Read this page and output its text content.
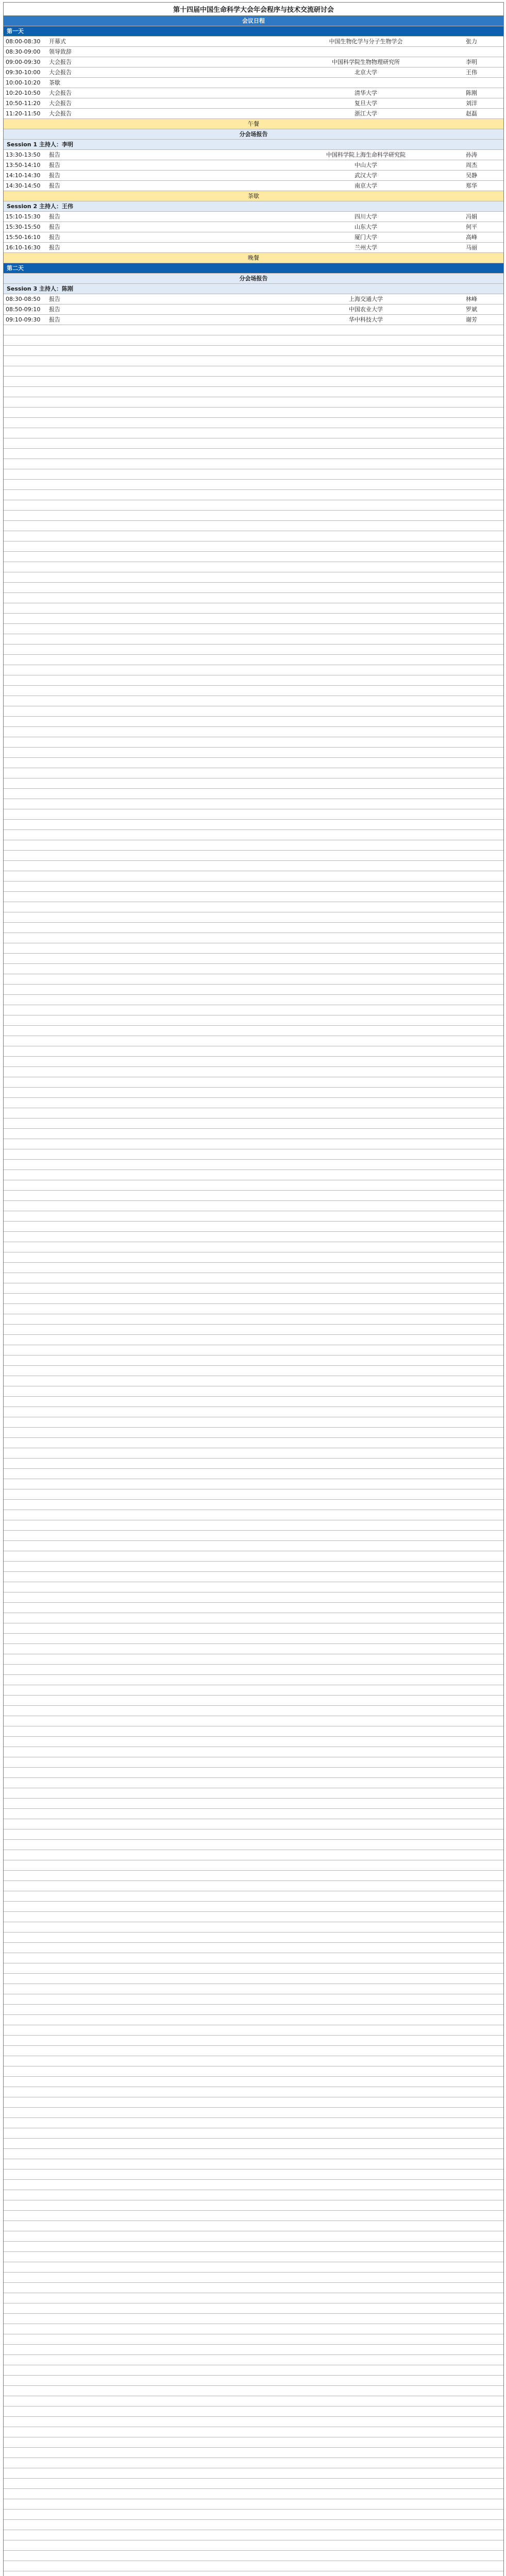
第十四届中国生命科学大会年会程序与技术交流研讨会
会议日程
第一天
08:00-08:30	开幕式	中国生物化学与分子生物学会	张力
08:30-09:00	领导致辞
09:00-09:30	大会报告	中国科学院生物物理研究所	李明
09:30-10:00	大会报告	北京大学	王伟
10:00-10:20	茶歇
10:20-10:50	大会报告	清华大学	陈刚
10:50-11:20	大会报告	复旦大学	刘洋
11:20-11:50	大会报告	浙江大学	赵磊
午餐
分会场报告
Session 1 主持人：李明
13:30-13:50	报告	中国科学院上海生命科学研究院	孙涛
13:50-14:10	报告	中山大学	周杰
14:10-14:30	报告	武汉大学	吴静
14:30-14:50	报告	南京大学	郑华
茶歇
Session 2 主持人：王伟
15:10-15:30	报告	四川大学	冯娟
15:30-15:50	报告	山东大学	何平
15:50-16:10	报告	厦门大学	高峰
16:10-16:30	报告	兰州大学	马丽
晚餐
第二天
分会场报告
Session 3 主持人：陈刚
08:30-08:50	报告	上海交通大学	林峰
08:50-09:10	报告	中国农业大学	罗斌
09:10-09:30	报告	华中科技大学	谢芳
